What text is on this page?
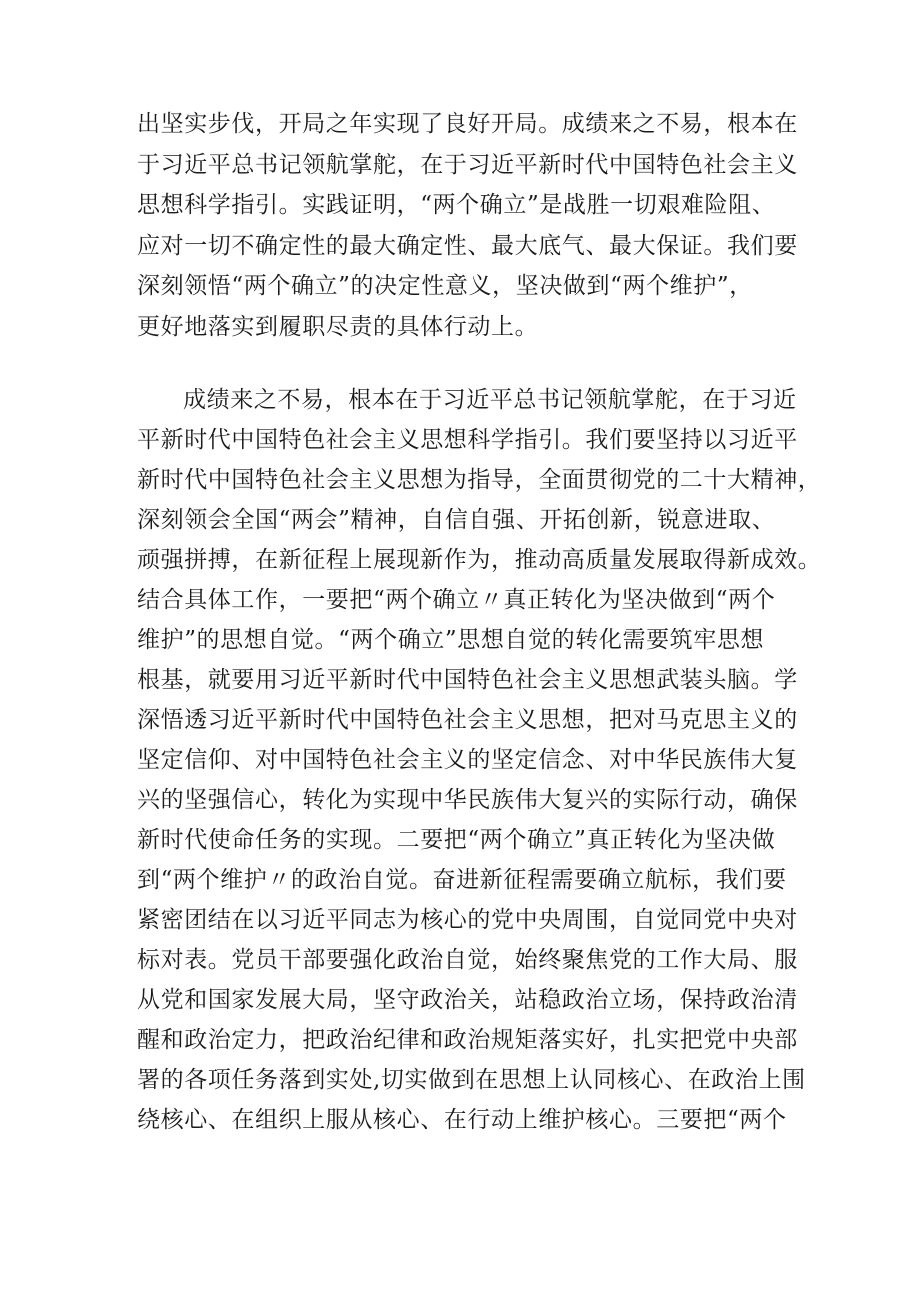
出坚实步伐，开局之年实现了良好开局。成绩来之不易，根本在
于习近平总书记领航掌舵，在于习近平新时代中国特色社会主义
思想科学指引。实践证明，“两个确立”是战胜一切艰难险阻、
应对一切不确定性的最大确定性、最大底气、最大保证。我们要
深刻领悟“两个确立”的决定性意义，坚决做到“两个维护”，
更好地落实到履职尽责的具体行动上。
成绩来之不易，根本在于习近平总书记领航掌舵，在于习近
平新时代中国特色社会主义思想科学指引。我们要坚持以习近平
新时代中国特色社会主义思想为指导，全面贯彻党的二十大精神，
深刻领会全国“两会”精神，自信自强、开拓创新，锐意进取、
顽强拼搏，在新征程上展现新作为，推动高质量发展取得新成效。
结合具体工作，一要把“两个确立〃真正转化为坚决做到“两个
维护”的思想自觉。“两个确立”思想自觉的转化需要筑牢思想
根基，就要用习近平新时代中国特色社会主义思想武装头脑。学
深悟透习近平新时代中国特色社会主义思想，把对马克思主义的
坚定信仰、对中国特色社会主义的坚定信念、对中华民族伟大复
兴的坚强信心，转化为实现中华民族伟大复兴的实际行动，确保
新时代使命任务的实现。二要把“两个确立”真正转化为坚决做
到“两个维护〃的政治自觉。奋进新征程需要确立航标，我们要
紧密团结在以习近平同志为核心的党中央周围，自觉同党中央对
标对表。党员干部要强化政治自觉，始终聚焦党的工作大局、服
从党和国家发展大局，坚守政治关，站稳政治立场，保持政治清
醒和政治定力，把政治纪律和政治规矩落实好，扎实把党中央部
署的各项任务落到实处,切实做到在思想上认同核心、在政治上围
绕核心、在组织上服从核心、在行动上维护核心。三要把“两个
